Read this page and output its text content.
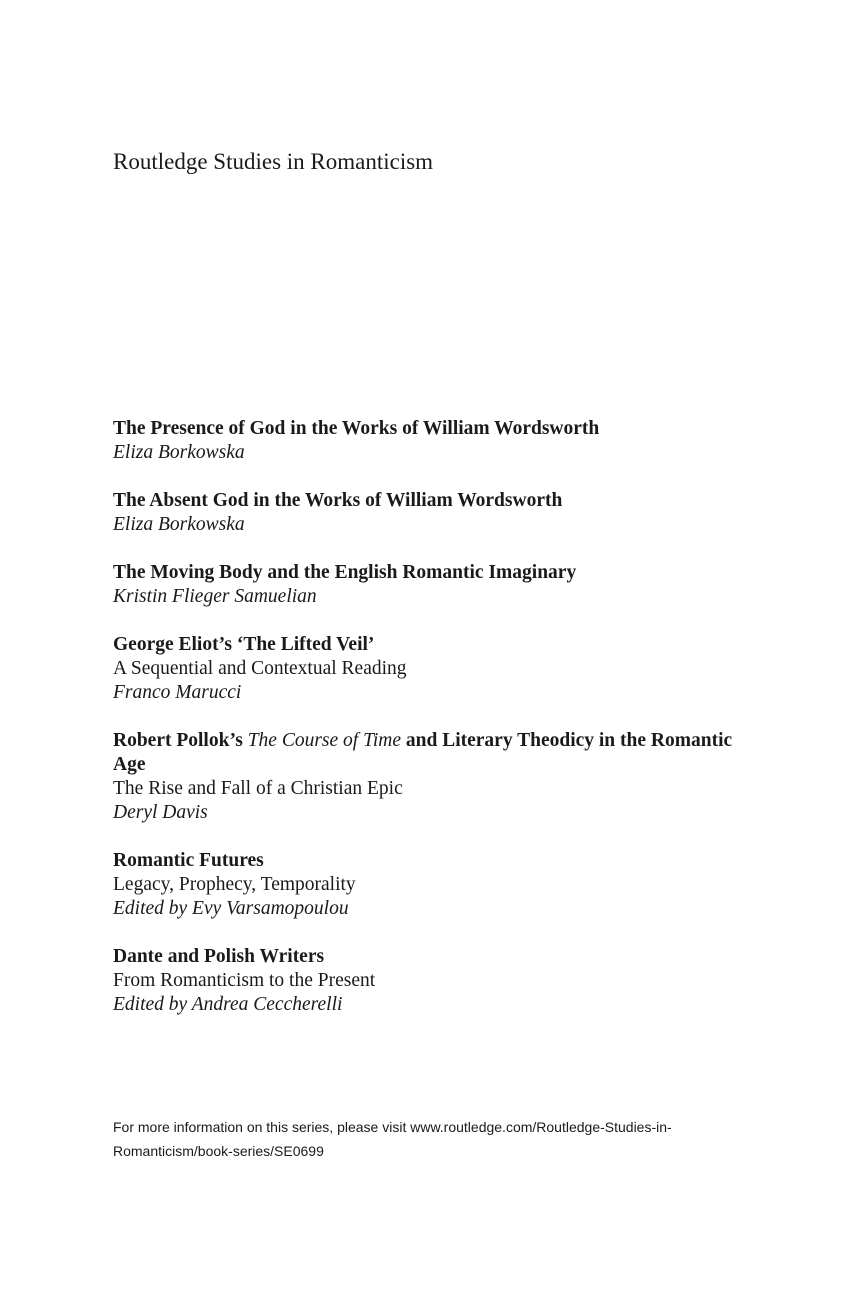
Routledge Studies in Romanticism
The Presence of God in the Works of William Wordsworth
Eliza Borkowska
The Absent God in the Works of William Wordsworth
Eliza Borkowska
The Moving Body and the English Romantic Imaginary
Kristin Flieger Samuelian
George Eliot’s ‘The Lifted Veil’
A Sequential and Contextual Reading
Franco Marucci
Robert Pollok’s The Course of Time and Literary Theodicy in the Romantic Age
The Rise and Fall of a Christian Epic
Deryl Davis
Romantic Futures
Legacy, Prophecy, Temporality
Edited by Evy Varsamopoulou
Dante and Polish Writers
From Romanticism to the Present
Edited by Andrea Ceccherelli

For more information on this series, please visit www.routledge.com/Routledge-Studies-in-Romanticism/book-series/SE0699
